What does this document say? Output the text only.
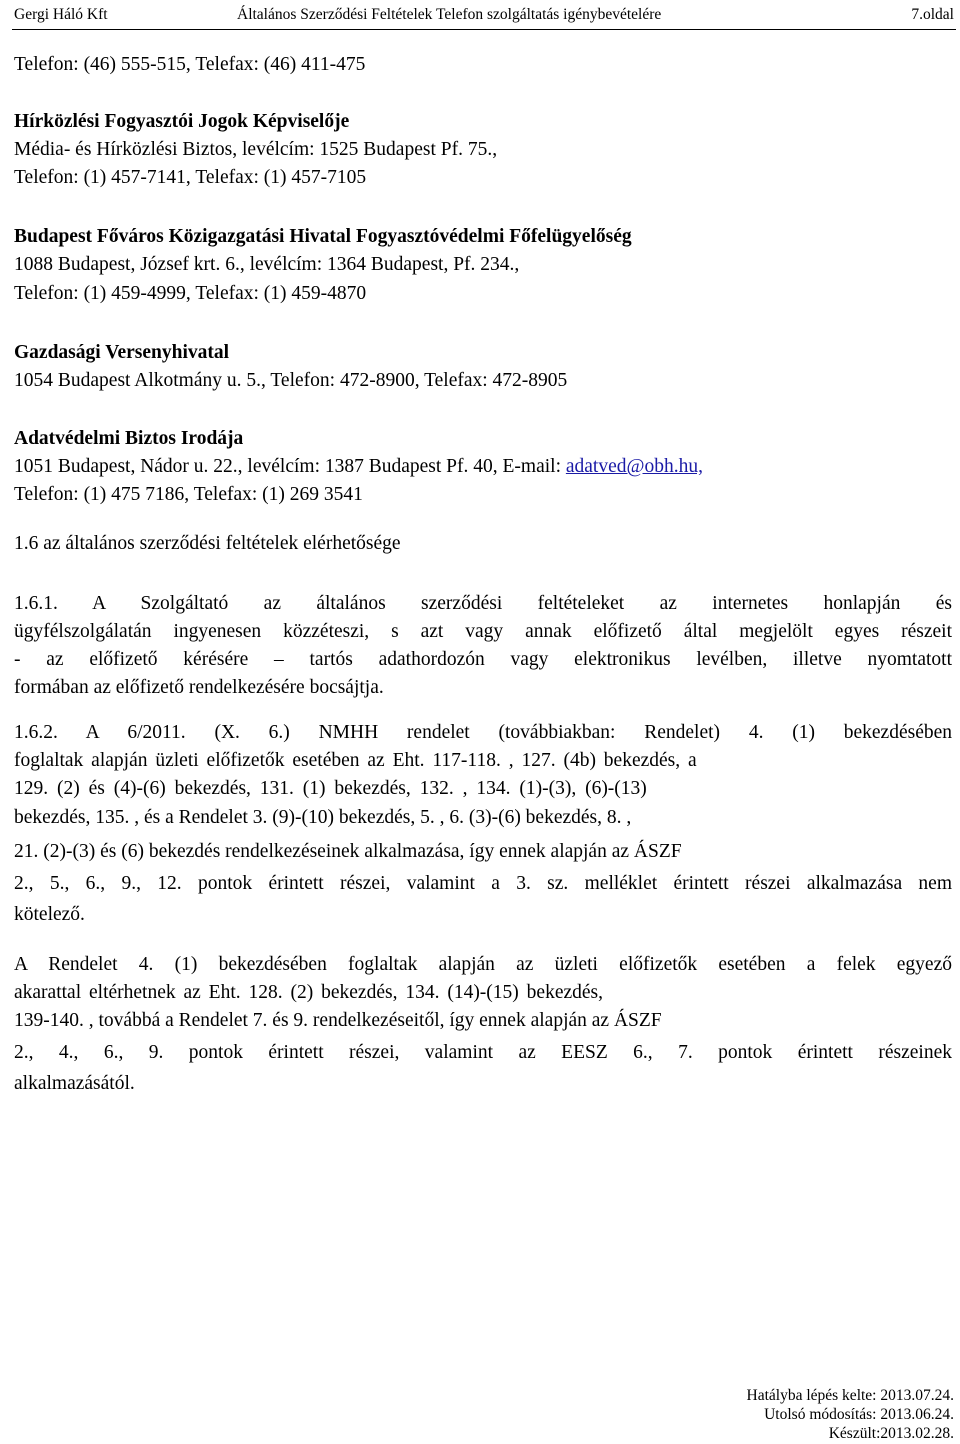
Gergi Háló Kft	Általános Szerződési Feltételek Telefon szolgáltatás igénybevételére	7.oldal
Telefon: (46) 555-515, Telefax: (46) 411-475
Hírközlési Fogyasztói Jogok Képviselője
Média- és Hírközlési Biztos, levélcím: 1525 Budapest Pf. 75.,
Telefon: (1) 457-7141, Telefax: (1) 457-7105
Budapest Főváros Közigazgatási Hivatal Fogyasztóvédelmi Főfelügyelőség
1088 Budapest, József krt. 6., levélcím: 1364 Budapest, Pf. 234.,
Telefon: (1) 459-4999, Telefax: (1) 459-4870
Gazdasági Versenyhivatal
1054 Budapest Alkotmány u. 5., Telefon: 472-8900, Telefax: 472-8905
Adatvédelmi Biztos Irodája
1051 Budapest, Nádor u. 22., levélcím: 1387 Budapest Pf. 40, E-mail: adatved@obh.hu,
Telefon: (1) 475 7186, Telefax: (1) 269 3541
1.6 az általános szerződési feltételek elérhetősége
1.6.1. A Szolgáltató az általános szerződési feltételeket az internetes honlapján és
ügyfélszolgálatán ingyenesen közzéteszi, s azt vagy annak előfizető által megjelölt egyes részeit
- az előfizető kérésére – tartós adathordozón vagy elektronikus levélben, illetve nyomtatott
formában az előfizető rendelkezésére bocsájtja.
1.6.2. A 6/2011. (X. 6.) NMHH rendelet (továbbiakban: Rendelet) 4. (1) bekezdésében
foglaltak alapján üzleti előfizetők esetében az Eht. 117-118. , 127. (4b) bekezdés, a
129. (2) és (4)-(6) bekezdés, 131. (1) bekezdés, 132. , 134. (1)-(3), (6)-(13)
bekezdés, 135. , és a Rendelet 3. (9)-(10) bekezdés, 5. , 6. (3)-(6) bekezdés, 8. ,
21. (2)-(3) és (6) bekezdés rendelkezéseinek alkalmazása, így ennek alapján az ÁSZF
2., 5., 6., 9., 12. pontok érintett részei, valamint a 3. sz. melléklet érintett részei alkalmazása nem
kötelező.
A Rendelet 4. (1) bekezdésében foglaltak alapján az üzleti előfizetők esetében a felek egyező
akarattal eltérhetnek az Eht. 128. (2) bekezdés, 134. (14)-(15) bekezdés,
139-140. , továbbá a Rendelet 7. és 9. rendelkezéseitől, így ennek alapján az ÁSZF
2., 4., 6., 9. pontok érintett részei, valamint az EESZ 6., 7. pontok érintett részeinek
alkalmazásától.
Hatályba lépés kelte: 2013.07.24.
Utolsó módosítás: 2013.06.24.
Készült:2013.02.28.
